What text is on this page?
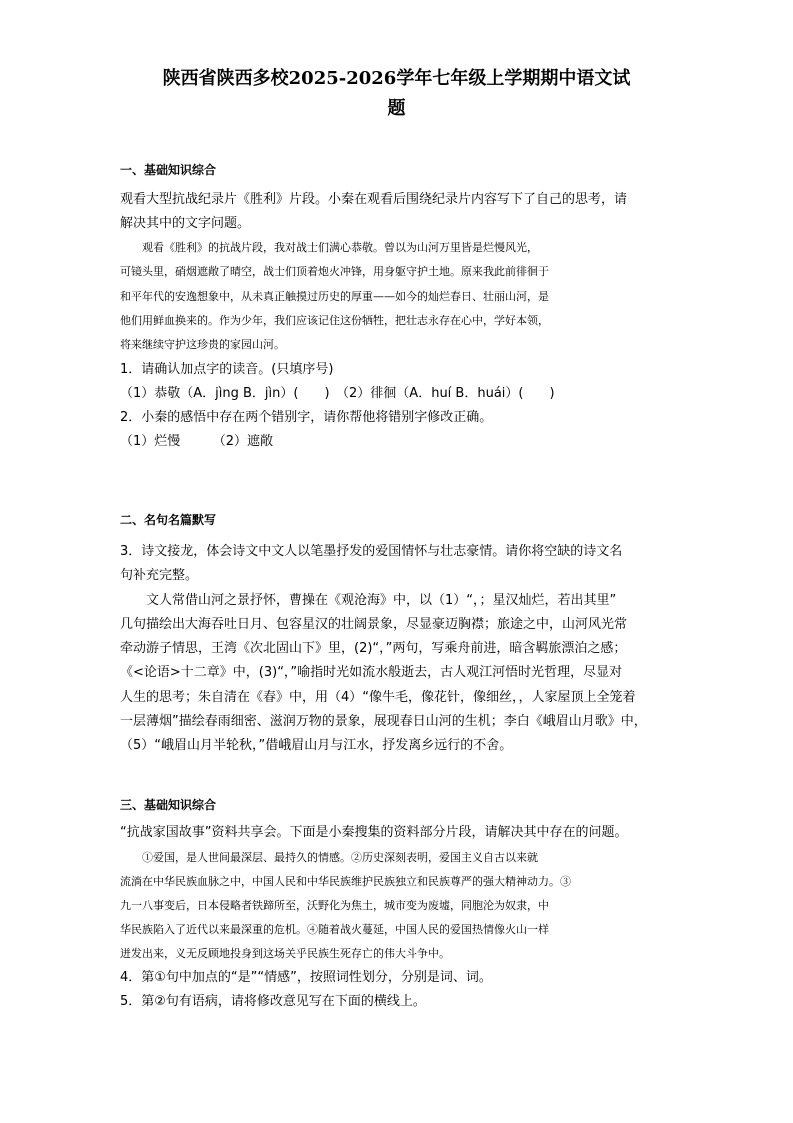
陕西省陕西多校2025-2026学年七年级上学期期中语文试
题
一、基础知识综合
观看大型抗战纪录片《胜利》片段。小秦在观看后围绕纪录片内容写下了自己的思考，请
解决其中的文字问题。
　　观看《胜利》的抗战片段，我对战士们满心恭敬。曾以为山河万里皆是烂慢风光，
可镜头里，硝烟遮敞了晴空，战士们顶着炮火冲锋，用身躯守护土地。原来我此前徘徊于
和平年代的安逸想象中，从未真正触摸过历史的厚重——如今的灿烂春日、壮丽山河，是
他们用鲜血换来的。作为少年，我们应该记住这份牺牲，把壮志永存在心中，学好本领，
将来继续守护这珍贵的家园山河。
1．请确认加点字的读音。(只填序号)
（1）恭敬（A．jìng B．jìn）(　　)　（2）徘徊（A．huí B．huái）(　　)
2．小秦的感悟中存在两个错别字，请你帮他将错别字修改正确。
（1）烂慢　　　（2）遮敞
二、名句名篇默写
3．诗文接龙，体会诗文中文人以笔墨抒发的爱国情怀与壮志豪情。请你将空缺的诗文名
句补充完整。
　　文人常借山河之景抒怀，曹操在《观沧海》中，以（1）“，；星汉灿烂，若出其里”
几句描绘出大海吞吐日月、包容星汉的壮阔景象，尽显豪迈胸襟；旅途之中，山河风光常
牵动游子情思，王湾《次北固山下》里，(2)“，”两句，写乘舟前进，暗含羁旅漂泊之感；
《<论语>十二章》中，(3)“，”喻指时光如流水般逝去，古人观江河悟时光哲理，尽显对
人生的思考；朱自清在《春》中，用（4）“像牛毛，像花针，像细丝，，人家屋顶上全笼着
一层薄烟”描绘春雨细密、滋润万物的景象，展现春日山河的生机；李白《峨眉山月歌》中，
（5）“峨眉山月半轮秋，”借峨眉山月与江水，抒发离乡远行的不舍。
三、基础知识综合
“抗战家国故事”资料共享会。下面是小秦搜集的资料部分片段，请解决其中存在的问题。
　　①爱国，是人世间最深层、最持久的情感。②历史深刻表明，爱国主义自古以来就
流淌在中华民族血脉之中，中国人民和中华民族维护民族独立和民族尊严的强大精神动力。③
九一八事变后，日本侵略者铁蹄所至，沃野化为焦土，城市变为废墟，同胞沦为奴隶，中
华民族陷入了近代以来最深重的危机。④随着战火蔓延，中国人民的爱国热情像火山一样
迸发出来，义无反顾地投身到这场关乎民族生死存亡的伟大斗争中。
4．第①句中加点的“是”“情感”，按照词性划分，分别是词、词。
5．第②句有语病，请将修改意见写在下面的横线上。
